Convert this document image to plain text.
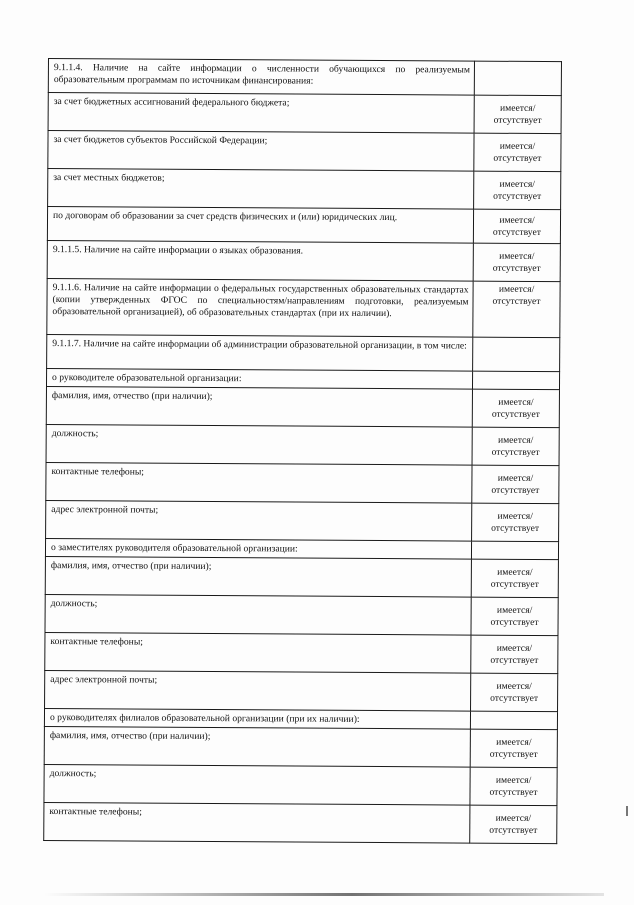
9.1.1.4. Наличие на сайте информации о численности обучающихся по реализуемым образовательным программам по источникам финансирования:	
за счет бюджетных ассигнований федерального бюджета;	имеется/отсутствует
за счет бюджетов субъектов Российской Федерации;	имеется/отсутствует
за счет местных бюджетов;	имеется/отсутствует
по договорам об образовании за счет средств физических и (или) юридических лиц.	имеется/отсутствует
9.1.1.5. Наличие на сайте информации о языках образования.	имеется/отсутствует
9.1.1.6. Наличие на сайте информации о федеральных государственных образовательных стандартах (копии утвержденных ФГОС по специальностям/направлениям подготовки, реализуемым образовательной организацией), об образовательных стандартах (при их наличии).	имеется/отсутствует
9.1.1.7. Наличие на сайте информации об администрации образовательной организации, в том числе:	
о руководителе образовательной организации:	
фамилия, имя, отчество (при наличии);	имеется/отсутствует
должность;	имеется/отсутствует
контактные телефоны;	имеется/отсутствует
адрес электронной почты;	имеется/отсутствует
о заместителях руководителя образовательной организации:	
фамилия, имя, отчество (при наличии);	имеется/отсутствует
должность;	имеется/отсутствует
контактные телефоны;	имеется/отсутствует
адрес электронной почты;	имеется/отсутствует
о руководителях филиалов образовательной организации (при их наличии):	
фамилия, имя, отчество (при наличии);	имеется/отсутствует
должность;	имеется/отсутствует
контактные телефоны;	имеется/отсутствует
